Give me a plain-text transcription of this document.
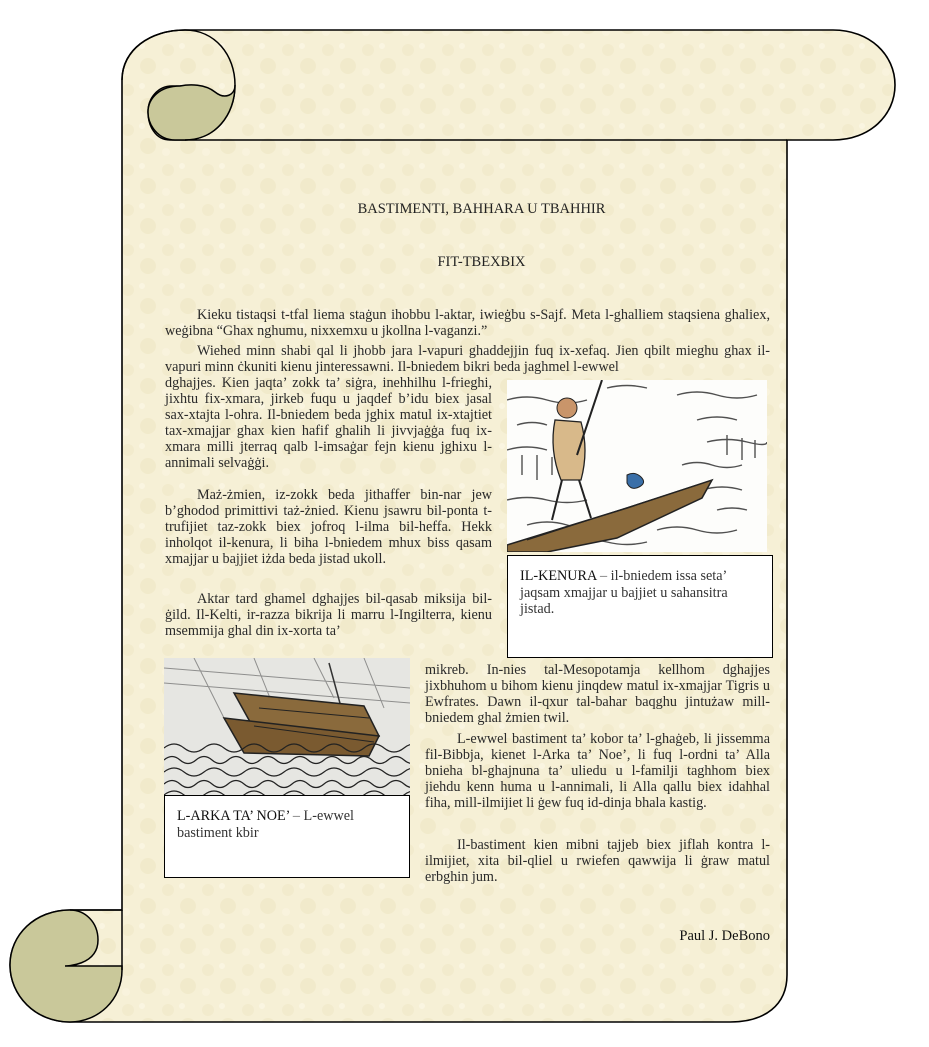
BASTIMENTI, BAHHARA U TBAHHIR
FIT-TBEXBIX
Kieku tistaqsi t-tfal liema staġun ihobbu l-aktar, iwieġbu s-Sajf. Meta l-ghalliem staqsiena ghaliex, weġibna “Ghax nghumu, nixxemxu u jkollna l-vaganzi.”
Wiehed minn shabi qal li jhobb jara l-vapuri ghaddejjin fuq ix-xefaq. Jien qbilt mieghu ghax il-vapuri minn ċkuniti kienu jinteressawni. Il-bniedem bikri beda jaghmel l-ewwel
dghajjes. Kien jaqta’ zokk ta’ siġra, inehhilhu l-frieghi, jixhtu fix-xmara, jirkeb fuqu u jaqdef b’idu biex jasal sax-xtajta l-ohra. Il-bniedem beda jghix matul ix-xtajtiet tax-xmajjar ghax kien hafif ghalih li jivvjaġġa fuq ix-xmara milli jterraq qalb l-imsaġar fejn kienu jghixu l-annimali selvaġġi.
Maż-żmien, iz-zokk beda jithaffer bin-nar jew b’ghodod primittivi taż-żnied. Kienu jsawru bil-ponta t-trufijiet taz-zokk biex jofroq l-ilma bil-heffa. Hekk inholqot il-kenura, li biha l-bniedem mhux biss qasam xmajjar u bajjiet iżda beda jistad ukoll.
Aktar tard ghamel dghajjes bil-qasab miksija bil-ġild. Il-Kelti, ir-razza bikrija li marru l-Ingilterra, kienu msemmija ghal din ix-xorta ta’
mikreb. In-nies tal-Mesopotamja kellhom dghajjes jixbhuhom u bihom kienu jinqdew matul ix-xmajjar Tigris u Ewfrates. Dawn il-qxur tal-bahar baqghu jintużaw mill-bniedem ghal żmien twil.
L-ewwel bastiment ta’ kobor ta’ l-ghaġeb, li jissemma fil-Bibbja, kienet l-Arka ta’ Noe’, li fuq l-ordni ta’ Alla bnieha bl-ghajnuna ta’ uliedu u l-familji taghhom biex jiehdu kenn huma u l-annimali, li Alla qallu biex idahhal fiha, mill-ilmijiet li ġew fuq id-dinja bhala kastig.
Il-bastiment kien mibni tajjeb biex jiflah kontra l-ilmijiet, xita bil-qliel u rwiefen qawwija li ġraw matul erbghin jum.
Paul J. DeBono
IL-KENURA – il-bniedem issa seta’ jaqsam xmajjar u bajjiet u sahansitra jistad.
L-ARKA TA’ NOE’ – L-ewwel bastiment kbir
